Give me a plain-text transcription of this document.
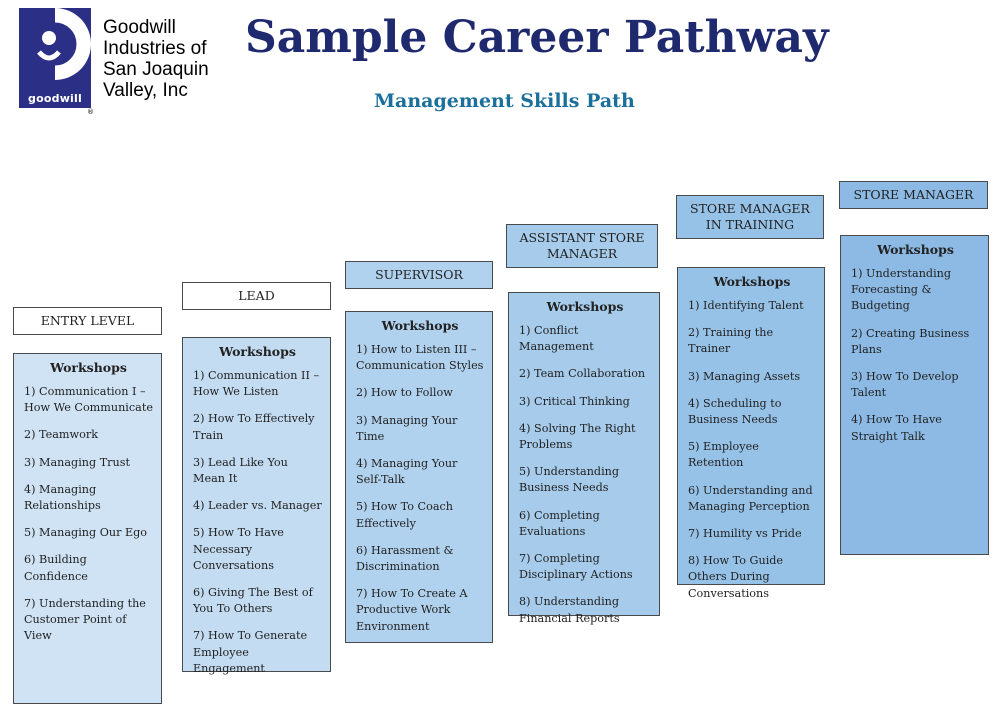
goodwill
®
Goodwill
Industries of
San Joaquin
Valley, Inc
Sample Career Pathway
Management Skills Path
ENTRY LEVEL
Workshops
1) Communication I – How We Communicate
2) Teamwork
3) Managing Trust
4) Managing Relationships
5) Managing Our Ego
6) Building Confidence
7) Understanding the Customer Point of View
LEAD
Workshops
1) Communication II – How We Listen
2) How To Effectively Train
3) Lead Like You Mean It
4) Leader vs. Manager
5) How To Have Necessary Conversations
6) Giving The Best of You To Others
7) How To Generate Employee Engagement
SUPERVISOR
Workshops
1) How to Listen III – Communication Styles
2) How to Follow
3) Managing Your Time
4) Managing Your Self-Talk
5) How To Coach Effectively
6) Harassment & Discrimination
7) How To Create A Productive Work Environment
ASSISTANT STORE
MANAGER
Workshops
1) Conflict Management
2) Team Collaboration
3) Critical Thinking
4) Solving The Right Problems
5) Understanding Business Needs
6) Completing Evaluations
7) Completing Disciplinary Actions
8) Understanding Financial Reports
STORE MANAGER
IN TRAINING
Workshops
1) Identifying Talent
2) Training the Trainer
3) Managing Assets
4) Scheduling to Business Needs
5) Employee Retention
6) Understanding and Managing Perception
7) Humility vs Pride
8) How To Guide Others During Conversations
STORE MANAGER
Workshops
1) Understanding Forecasting & Budgeting
2) Creating Business Plans
3) How To Develop Talent
4) How To Have Straight Talk
